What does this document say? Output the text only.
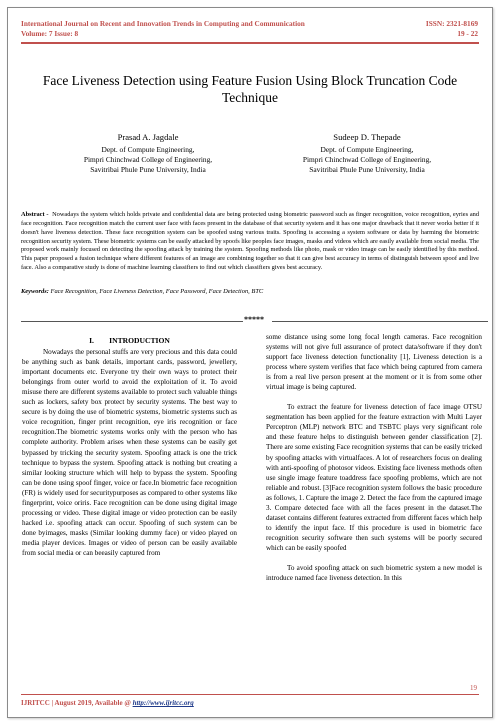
International Journal on Recent and Innovation Trends in Computing and Communication
Volume: 7 Issue: 8
ISSN: 2321-8169
19 - 22
Face Liveness Detection using Feature Fusion Using Block Truncation Code Technique
Prasad A. Jagdale
Dept. of Compute Engineering,
Pimpri Chinchwad College of Engineering,
Savitribai Phule Pune University, India
Sudeep D. Thepade
Dept. of Compute Engineering,
Pimpri Chinchwad College of Engineering,
Savitribai Phule Pune University, India
Abstract - Nowadays the system which holds private and confidential data are being protected using biometric password such as finger recognition, voice recognition, eyries and face recognition. Face recognition match the current user face with faces present in the database of that security system and it has one major drawback that it never works better if it doesn't have liveness detection. These face recognition system can be spoofed using various traits. Spoofing is accessing a system software or data by harming the biometric recognition security system. These biometric systems can be easily attacked by spoofs like peoples face images, masks and videos which are easily available from social media. The proposed work mainly focused on detecting the spoofing attack by training the system. Spoofing methods like photo, mask or video image can be easily identified by this method. This paper proposed a fusion technique where different features of an image are combining together so that it can give best accuracy in terms of distinguish between spoof and live face. Also a comparative study is done of machine learning classifiers to find out which classifiers gives best accuracy.
Keywords: Face Recognition, Face Liveness Detection, Face Password, Face Detection, BTC
*****
I.        INTRODUCTION

Nowadays the personal stuffs are very precious and this data could be anything such as bank details, important cards, password, jewellery, important documents etc. Everyone try their own ways to protect their belongings from outer world to avoid the exploitation of it. To avoid misuse there are different systems available to protect such valuable things such as lockers, safety box protect by security systems. The best way to secure is by doing the use of biometric systems, biometric systems such as voice recognition, finger print recognition, eye iris recognition or face recognition.The biometric systems works only with the person who has complete authority. Problem arises when these systems can be easily get bypassed by tricking the security system. Spoofing attack is one the trick technique to bypass the system. Spoofing attack is nothing but creating a similar looking structure which will help to bypass the system. Spoofing can be done using spoof finger, voice or face.In biometric face recognition (FR) is widely used for securitypurposes as compared to other systems like fingerprint, voice oriris. Face recognition can be done using digital image processing or video. These digital image or video protection can be easily hacked i.e. spoofing attack can occur. Spoofing of such system can be done byimages, masks (Similar looking dummy face) or video played on media player devices. Images or video of person can be easily available from social media or can beeasily captured from

some distance using some long focal length cameras. Face recognition systems will not give full assurance of protect data/software if they don't support face liveness detection functionality [1], Liveness detection is a process where system verifies that face which being captured from camera is from a real live person present at the moment or it is from some other virtual image is being captured.

To extract the feature for liveness detection of face image OTSU segmentation has been applied for the feature extraction with Multi Layer Perceptron (MLP) network BTC and TSBTC plays very significant role and these feature helps to distinguish between gender classification [2]. There are some existing Face recognition systems that can be easily tricked by spoofing attacks with virtualfaces. A lot of researchers focus on dealing with anti-spoofing of photosor videos. Existing face liveness methods often use single image feature toaddress face spoofing problems, which are not reliable and robust. [3]Face recognition system follows the basic procedure as follows, 1. Capture the image 2. Detect the face from the captured image 3. Compare detected face with all the faces present in the dataset.The dataset contains different features extracted from different faces which help to identify the input face. If this procedure is used in biometric face recognition security software then such systems will be poorly secured which can be easily spoofed

To avoid spoofing attack on such biometric system a new model is introduce named face liveness detection. In this

19
IJRITCC | August 2019, Available @ http://www.ijritcc.org
